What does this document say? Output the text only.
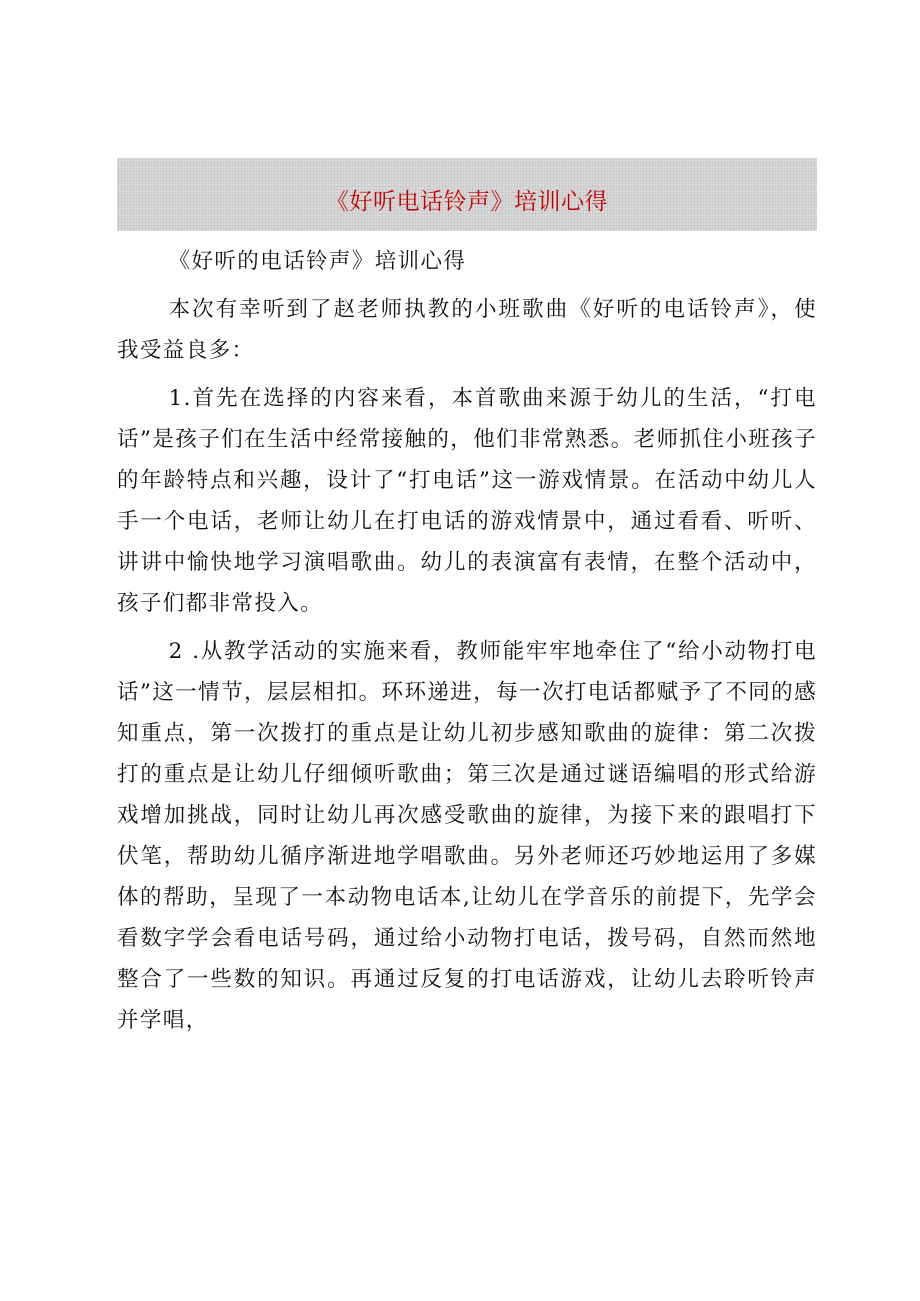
《好听电话铃声》培训心得

《好听的电话铃声》培训心得

本次有幸听到了赵老师执教的小班歌曲《好听的电话铃声》，使我受益良多：

1.首先在选择的内容来看，本首歌曲来源于幼儿的生活，“打电话”是孩子们在生活中经常接触的，他们非常熟悉。老师抓住小班孩子的年龄特点和兴趣，设计了“打电话”这一游戏情景。在活动中幼儿人手一个电话，老师让幼儿在打电话的游戏情景中，通过看看、听听、讲讲中愉快地学习演唱歌曲。幼儿的表演富有表情，在整个活动中，孩子们都非常投入。

2 .从教学活动的实施来看，教师能牢牢地牵住了“给小动物打电话”这一情节，层层相扣。环环递进，每一次打电话都赋予了不同的感知重点，第一次拨打的重点是让幼儿初步感知歌曲的旋律：第二次拨打的重点是让幼儿仔细倾听歌曲；第三次是通过谜语编唱的形式给游戏增加挑战，同时让幼儿再次感受歌曲的旋律，为接下来的跟唱打下伏笔，帮助幼儿循序渐进地学唱歌曲。另外老师还巧妙地运用了多媒体的帮助，呈现了一本动物电话本,让幼儿在学音乐的前提下，先学会看数字学会看电话号码，通过给小动物打电话，拨号码，自然而然地整合了一些数的知识。再通过反复的打电话游戏，让幼儿去聆听铃声并学唱，
